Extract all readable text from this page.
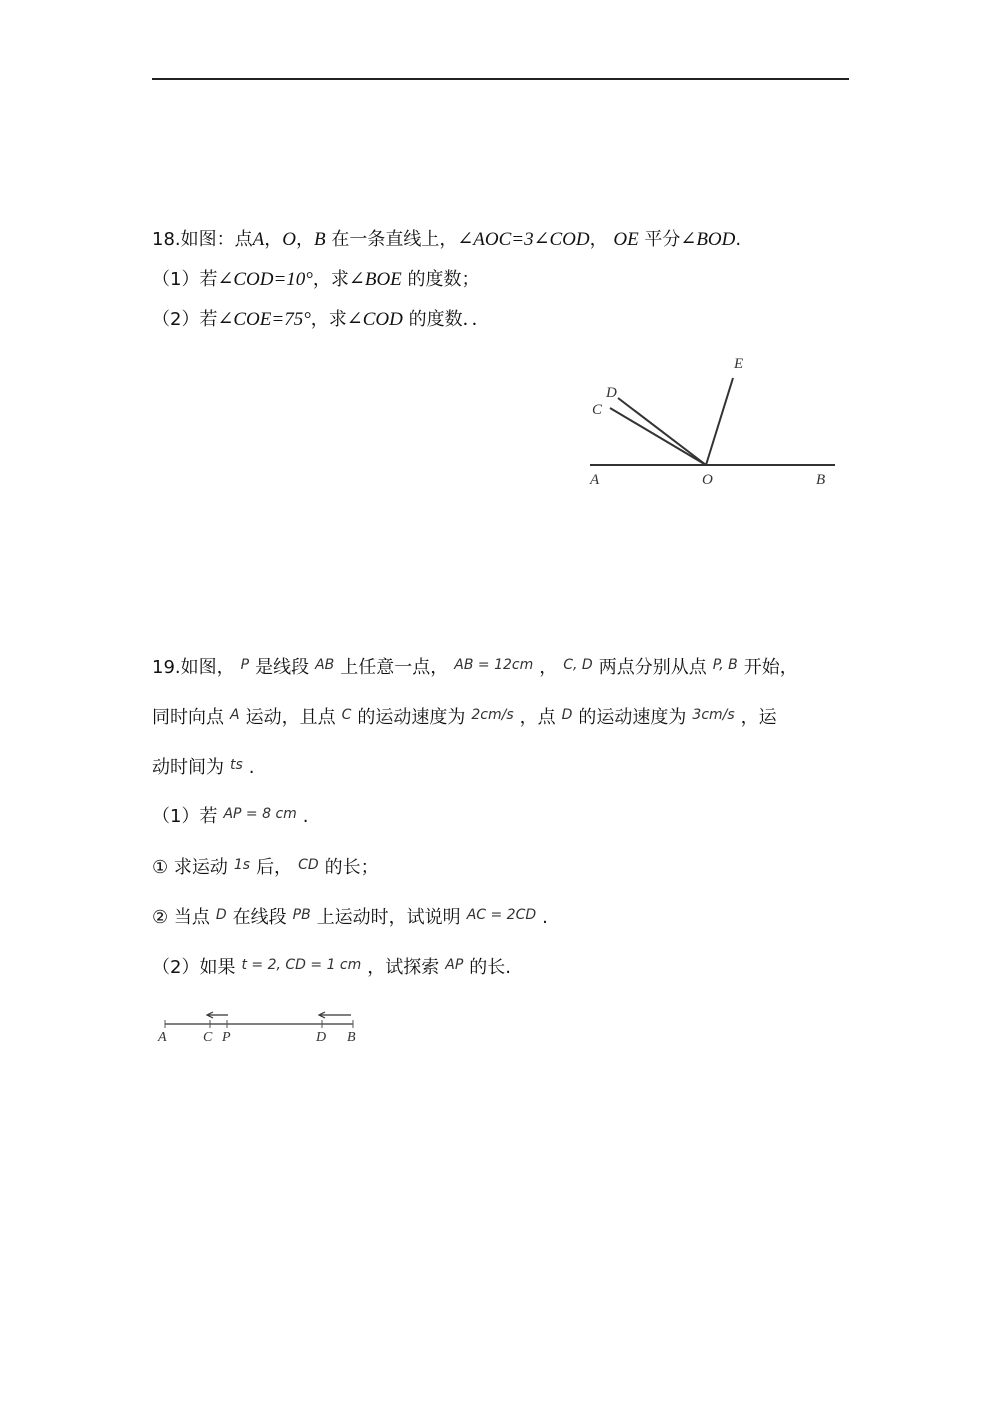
18.如图：点A，O，B 在一条直线上，∠AOC=3∠COD， OE 平分∠BOD.
（1）若∠COD=10°，求∠BOE 的度数；
（2）若∠COE=75°，求∠COD 的度数．．
A	O	B
C
D
E
19.如图， $^P$ 是线段 $^{AB}$ 上任意一点， $^{AB = 12cm}$ ， $^{C, D}$ 两点分别从点 $^{P, B}$ 开始，
同时向点 $^A$ 运动，且点 $^C$ 的运动速度为 $^{2cm/s}$ ，点 $^D$ 的运动速度为 $^{3cm/s}$ ，运
动时间为 $^{ts}$ .
（1）若 $^{AP = 8 cm}$ .
① 求运动 $^{1s}$ 后， $^{CD}$ 的长；
② 当点 $^D$ 在线段 $^{PB}$ 上运动时，试说明 $^{AC = 2CD}$ .
（2）如果 $^{t = 2, CD = 1 cm}$ ，试探索 $^{AP}$ 的长.
A	C P	D B
